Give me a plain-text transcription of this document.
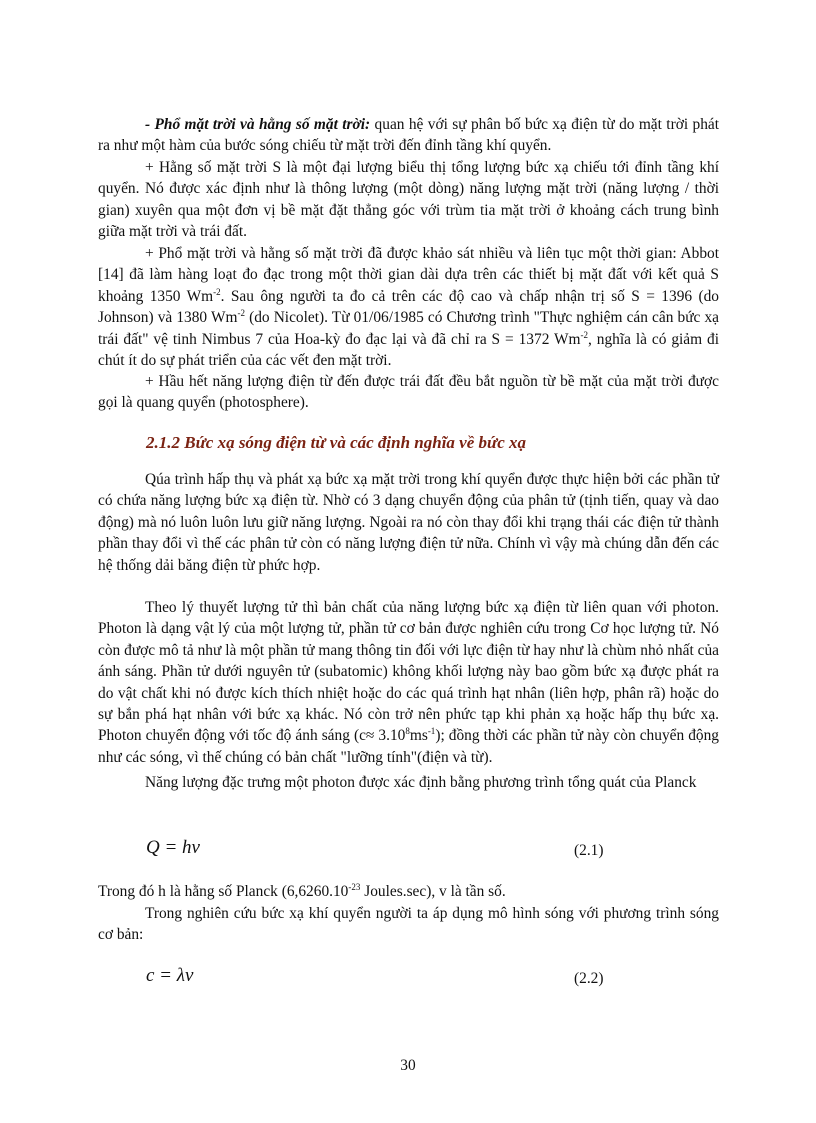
- Phổ mặt trời và hằng số mặt trời: quan hệ với sự phân bố bức xạ điện từ do mặt trời phát ra như một hàm của bước sóng chiếu từ mặt trời đến đỉnh tầng khí quyển.

+ Hằng số mặt trời S là một đại lượng biểu thị tổng lượng bức xạ chiếu tới đỉnh tầng khí quyển. Nó được xác định như là thông lượng (một dòng) năng lượng mặt trời (năng lượng / thời gian) xuyên qua một đơn vị bề mặt đặt thẳng góc với trùm tia mặt trời ở khoảng cách trung bình giữa mặt trời và trái đất.

+ Phổ mặt trời và hằng số mặt trời đã được khảo sát nhiều và liên tục một thời gian: Abbot [14] đã làm hàng loạt đo đạc trong một thời gian dài dựa trên các thiết bị mặt đất với kết quả S khoảng 1350 $Wm^{-2}$. Sau ông người ta đo cả trên các độ cao và chấp nhận trị số S = 1396 (do Johnson) và 1380 $Wm^{-2}$ (do Nicolet). Từ 01/06/1985 có Chương trình "Thực nghiệm cán cân bức xạ trái đất" vệ tinh Nimbus 7 của Hoa-kỳ đo đạc lại và đã chỉ ra S = 1372 $Wm^{-2}$, nghĩa là có giảm đi chút ít do sự phát triển của các vết đen mặt trời.

+ Hầu hết năng lượng điện từ đến được trái đất đều bắt nguồn từ bề mặt của mặt trời được gọi là quang quyển (photosphere).

2.1.2 Bức xạ sóng điện từ và các định nghĩa về bức xạ

Qúa trình hấp thụ và phát xạ bức xạ mặt trời trong khí quyển được thực hiện bởi các phần tử có chứa năng lượng bức xạ điện từ. Nhờ có 3 dạng chuyển động của phân tử (tịnh tiến, quay và dao động) mà nó luôn luôn lưu giữ năng lượng. Ngoài ra nó còn thay đổi khi trạng thái các điện tử thành phần thay đổi vì thế các phân tử còn có năng lượng điện tử nữa. Chính vì vậy mà chúng dẫn đến các hệ thống dải băng điện từ phức hợp.

Theo lý thuyết lượng tử thì bản chất của năng lượng bức xạ điện từ liên quan với photon. Photon là dạng vật lý của một lượng tử, phần tử cơ bản được nghiên cứu trong Cơ học lượng tử. Nó còn được mô tả như là một phần tử mang thông tin đối với lực điện từ hay như là chùm nhỏ nhất của ánh sáng. Phần tử dưới nguyên tử (subatomic) không khối lượng này bao gồm bức xạ được phát ra do vật chất khi nó được kích thích nhiệt hoặc do các quá trình hạt nhân (liên hợp, phân rã) hoặc do sự bắn phá hạt nhân với bức xạ khác. Nó còn trở nên phức tạp khi phản xạ hoặc hấp thụ bức xạ. Photon chuyển động với tốc độ ánh sáng $(c\approx 3.10^8ms^{-1})$; đồng thời các phần tử này còn chuyển động như các sóng, vì thế chúng có bản chất "lưỡng tính"(điện và từ).

Năng lượng đặc trưng một photon được xác định bằng phương trình tổng quát của Planck

Q = hν	(2.1)

Trong đó h là hằng số Planck ($6,6260.10^{-23}$ Joules.sec), v là tần số.

Trong nghiên cứu bức xạ khí quyển người ta áp dụng mô hình sóng với phương trình sóng cơ bản:

c = λν	(2.2)
30
